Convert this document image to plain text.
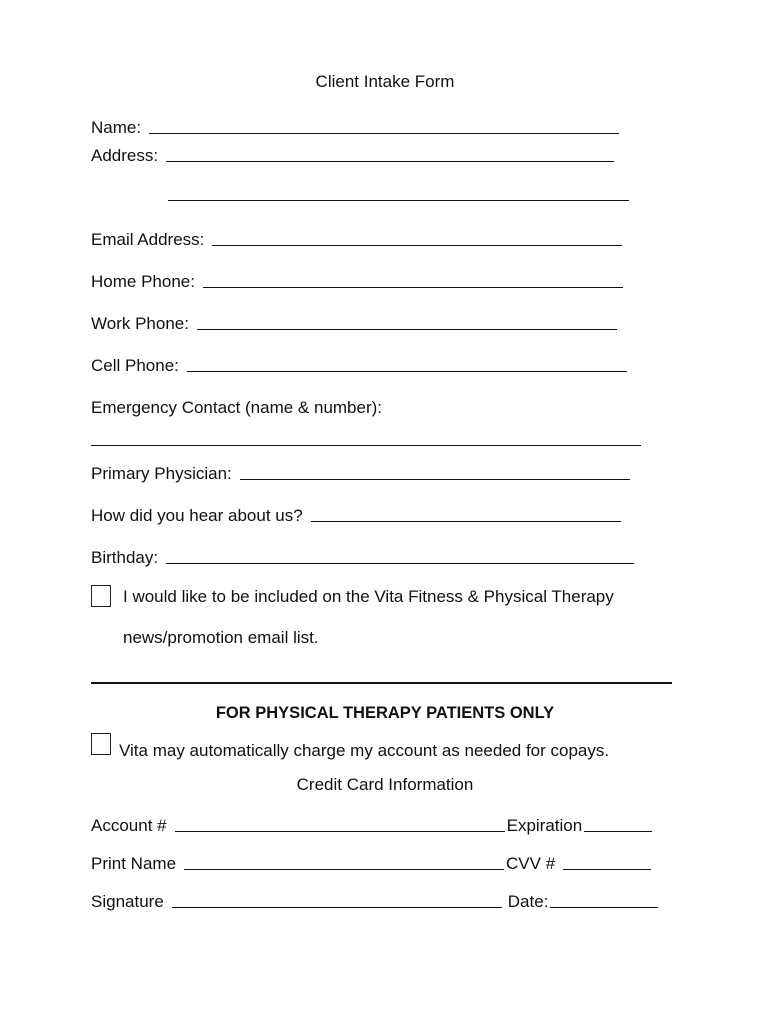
Client Intake Form
Name:
Address:
Email Address:
Home Phone:
Work Phone:
Cell Phone:
Emergency Contact (name & number):
Primary Physician:
How did you hear about us?
Birthday:
I would like to be included on the Vita Fitness & Physical Therapy
news/promotion email list.
FOR PHYSICAL THERAPY PATIENTS ONLY
Vita may automatically charge my account as needed for copays.
Credit Card Information
Account #	Expiration
Print Name	CVV #
Signature	Date:
